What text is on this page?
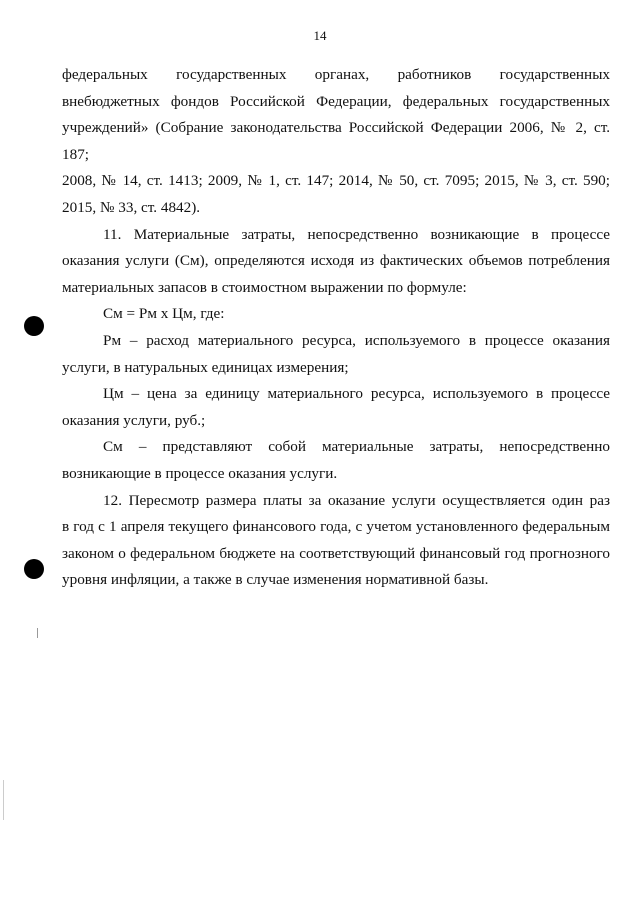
14
федеральных государственных органах, работников государственных
внебюджетных фондов Российской Федерации, федеральных государственных
учреждений» (Собрание законодательства Российской Федерации 2006, № 2, ст. 187;
2008, № 14, ст. 1413; 2009, № 1, ст. 147; 2014, № 50, ст. 7095; 2015, № 3, ст. 590;
2015, № 33, ст. 4842).
11. Материальные затраты, непосредственно возникающие в процессе
оказания услуги (См), определяются исходя из фактических объемов потребления
материальных запасов в стоимостном выражении по формуле:
См = Рм х Цм, где:
Рм – расход материального ресурса, используемого в процессе оказания
услуги, в натуральных единицах измерения;
Цм – цена за единицу материального ресурса, используемого в процессе
оказания услуги, руб.;
См – представляют собой материальные затраты, непосредственно
возникающие в процессе оказания услуги.
12. Пересмотр размера платы за оказание услуги осуществляется один раз
в год с 1 апреля текущего финансового года, с учетом установленного федеральным
законом о федеральном бюджете на соответствующий финансовый год прогнозного
уровня инфляции, а также в случае изменения нормативной базы.
